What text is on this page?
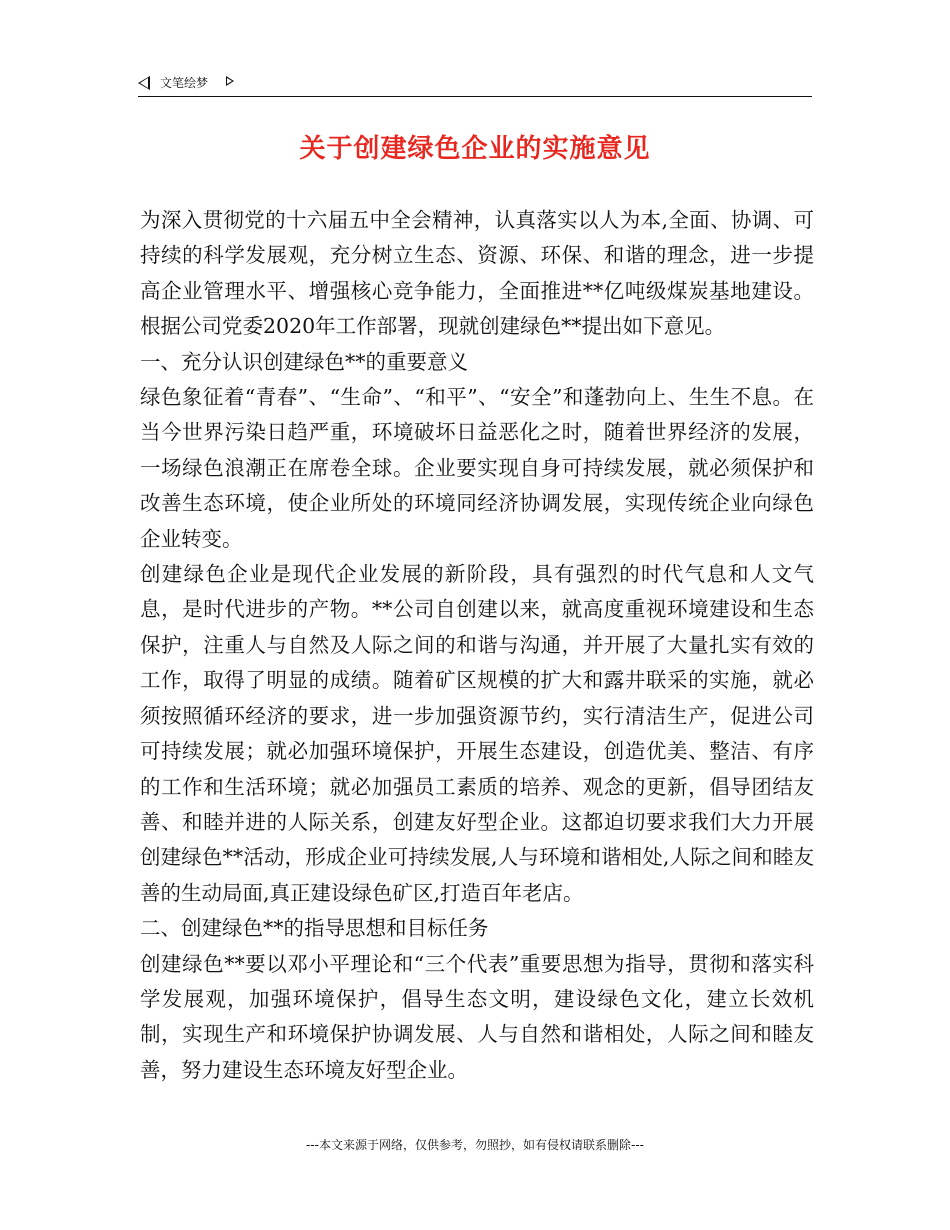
文笔绘梦
关于创建绿色企业的实施意见

为深入贯彻党的十六届五中全会精神，认真落实以人为本,全面、协调、可持续的科学发展观，充分树立生态、资源、环保、和谐的理念，进一步提高企业管理水平、增强核心竞争能力，全面推进**亿吨级煤炭基地建设。根据公司党委2020年工作部署，现就创建绿色**提出如下意见。

一、充分认识创建绿色**的重要意义

绿色象征着“青春”、“生命”、“和平”、“安全”和蓬勃向上、生生不息。在当今世界污染日趋严重，环境破坏日益恶化之时，随着世界经济的发展，一场绿色浪潮正在席卷全球。企业要实现自身可持续发展，就必须保护和改善生态环境，使企业所处的环境同经济协调发展，实现传统企业向绿色企业转变。

创建绿色企业是现代企业发展的新阶段，具有强烈的时代气息和人文气息，是时代进步的产物。**公司自创建以来，就高度重视环境建设和生态保护，注重人与自然及人际之间的和谐与沟通，并开展了大量扎实有效的工作，取得了明显的成绩。随着矿区规模的扩大和露井联采的实施，就必须按照循环经济的要求，进一步加强资源节约，实行清洁生产，促进公司可持续发展；就必加强环境保护，开展生态建设，创造优美、整洁、有序的工作和生活环境；就必加强员工素质的培养、观念的更新，倡导团结友善、和睦并进的人际关系，创建友好型企业。这都迫切要求我们大力开展创建绿色**活动，形成企业可持续发展,人与环境和谐相处,人际之间和睦友善的生动局面,真正建设绿色矿区,打造百年老店。

二、创建绿色**的指导思想和目标任务

创建绿色**要以邓小平理论和“三个代表”重要思想为指导，贯彻和落实科学发展观，加强环境保护，倡导生态文明，建设绿色文化，建立长效机制，实现生产和环境保护协调发展、人与自然和谐相处，人际之间和睦友善，努力建设生态环境友好型企业。

---本文来源于网络，仅供参考，勿照抄，如有侵权请联系删除---
